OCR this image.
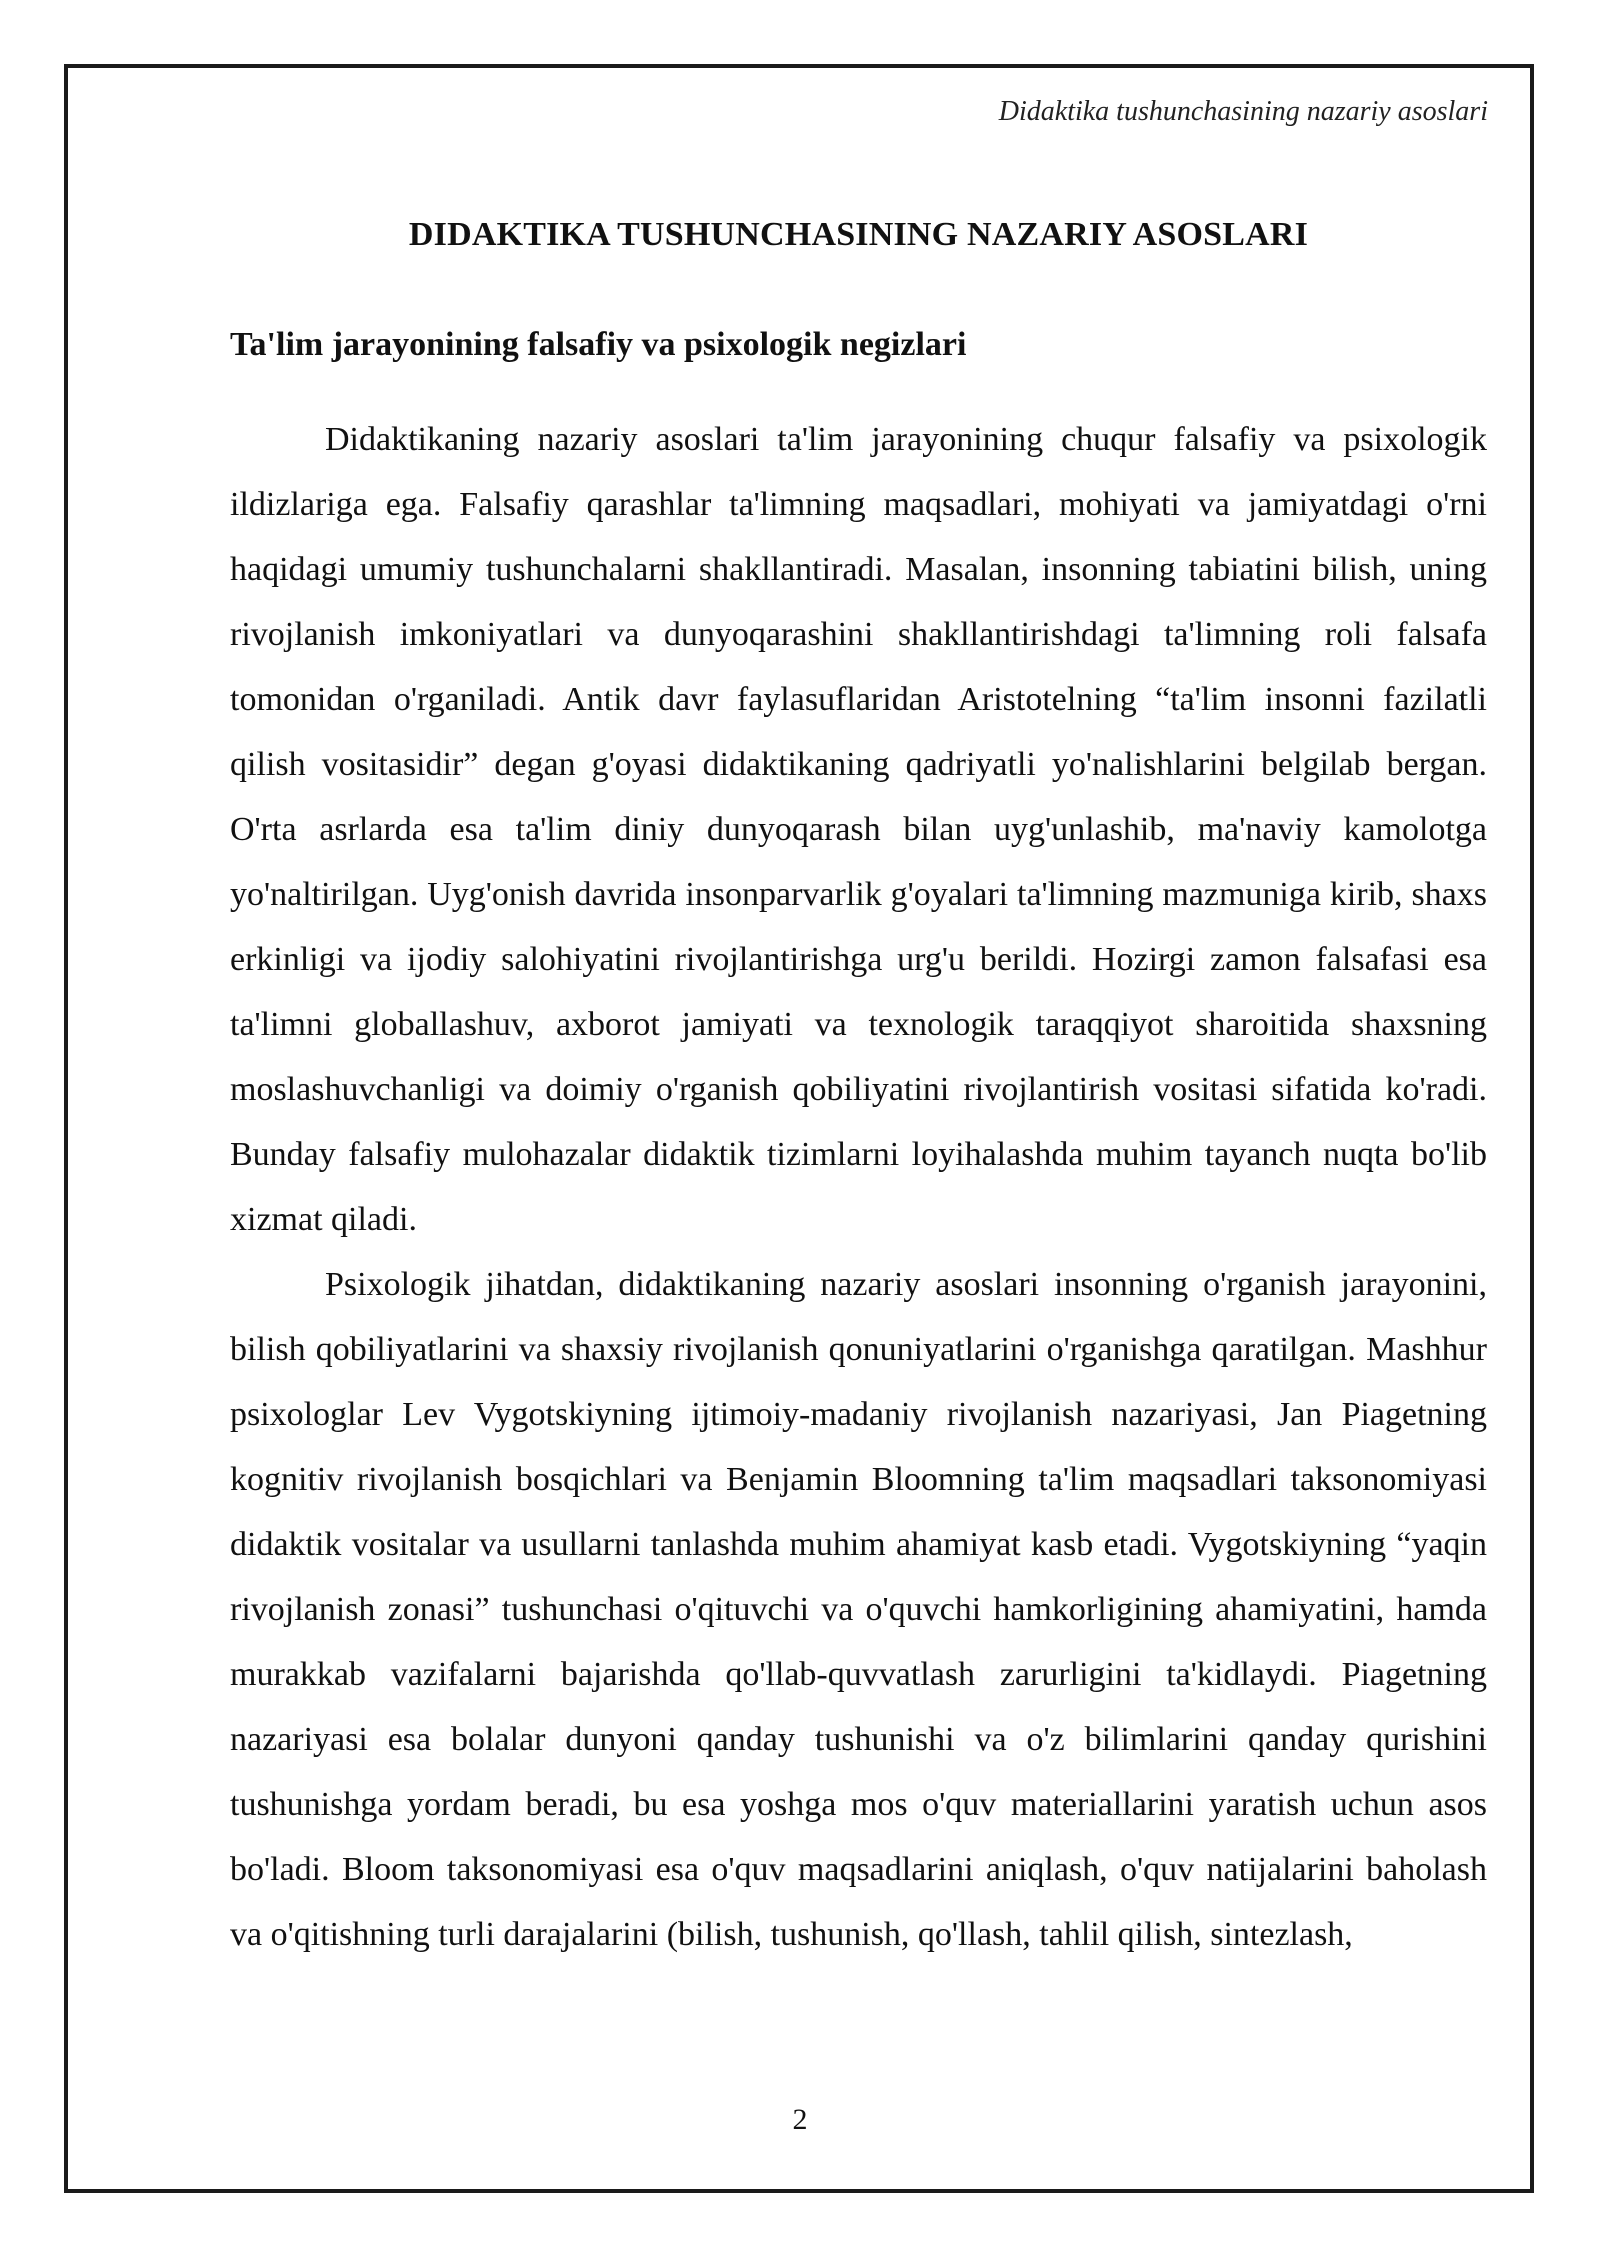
Didaktika tushunchasining nazariy asoslari
DIDAKTIKA TUSHUNCHASINING NAZARIY ASOSLARI
Ta'lim jarayonining falsafiy va psixologik negizlari

Didaktikaning nazariy asoslari ta'lim jarayonining chuqur falsafiy va psixologik ildizlariga ega. Falsafiy qarashlar ta'limning maqsadlari, mohiyati va jamiyatdagi o'rni haqidagi umumiy tushunchalarni shakllantiradi. Masalan, insonning tabiatini bilish, uning rivojlanish imkoniyatlari va dunyoqarashini shakllantirishdagi ta'limning roli falsafa tomonidan o'rganiladi. Antik davr faylasuflaridan Aristotelning “ta'lim insonni fazilatli qilish vositasidir” degan g'oyasi didaktikaning qadriyatli yo'nalishlarini belgilab bergan. O'rta asrlarda esa ta'lim diniy dunyoqarash bilan uyg'unlashib, ma'naviy kamolotga yo'naltirilgan. Uyg'onish davrida insonparvarlik g'oyalari ta'limning mazmuniga kirib, shaxs erkinligi va ijodiy salohiyatini rivojlantirishga urg'u berildi. Hozirgi zamon falsafasi esa ta'limni globallashuv, axborot jamiyati va texnologik taraqqiyot sharoitida shaxsning moslashuvchanligi va doimiy o'rganish qobiliyatini rivojlantirish vositasi sifatida ko'radi. Bunday falsafiy mulohazalar didaktik tizimlarni loyihalashda muhim tayanch nuqta bo'lib xizmat qiladi.

Psixologik jihatdan, didaktikaning nazariy asoslari insonning o'rganish jarayonini, bilish qobiliyatlarini va shaxsiy rivojlanish qonuniyatlarini o'rganishga qaratilgan. Mashhur psixologlar Lev Vygotskiyning ijtimoiy-madaniy rivojlanish nazariyasi, Jan Piagetning kognitiv rivojlanish bosqichlari va Benjamin Bloomning ta'lim maqsadlari taksonomiyasi didaktik vositalar va usullarni tanlashda muhim ahamiyat kasb etadi. Vygotskiyning “yaqin rivojlanish zonasi” tushunchasi o'qituvchi va o'quvchi hamkorligining ahamiyatini, hamda murakkab vazifalarni bajarishda qo'llab-quvvatlash zarurligini ta'kidlaydi. Piagetning nazariyasi esa bolalar dunyoni qanday tushunishi va o'z bilimlarini qanday qurishini tushunishga yordam beradi, bu esa yoshga mos o'quv materiallarini yaratish uchun asos bo'ladi. Bloom taksonomiyasi esa o'quv maqsadlarini aniqlash, o'quv natijalarini baholash va o'qitishning turli darajalarini (bilish, tushunish, qo'llash, tahlil qilish, sintezlash,

2
